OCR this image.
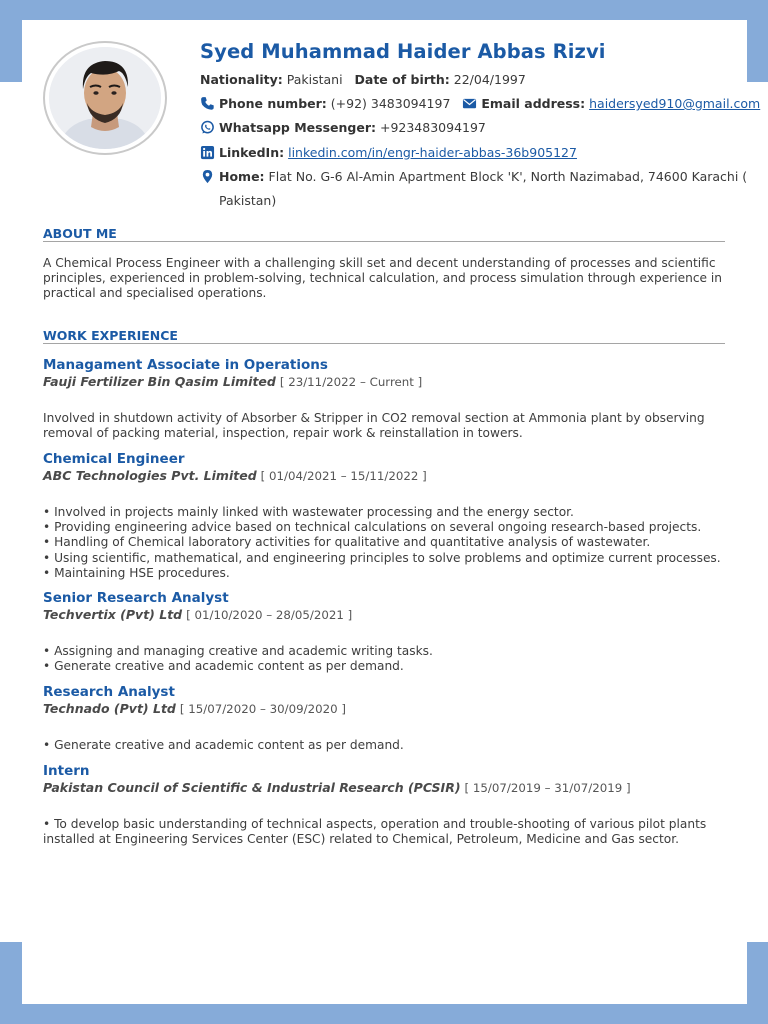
Syed Muhammad Haider Abbas Rizvi
Nationality: Pakistani Date of birth: 22/04/1997
Phone number: (+92) 3483094197 Email address: haidersyed910@gmail.com
Whatsapp Messenger: +923483094197
LinkedIn: linkedin.com/in/engr-haider-abbas-36b905127
Home: Flat No. G-6 Al-Amin Apartment Block 'K', North Nazimabad, 74600 Karachi (
Pakistan)
ABOUT ME

A Chemical Process Engineer with a challenging skill set and decent understanding of processes and scientific principles, experienced in problem-solving, technical calculation, and process simulation through experience in practical and specialised operations.

WORK EXPERIENCE
Managament Associate in Operations
Fauji Fertilizer Bin Qasim Limited [ 23/11/2022 – Current ]
Involved in shutdown activity of Absorber & Stripper in CO2 removal section at Ammonia plant by observing
removal of packing material, inspection, repair work & reinstallation in towers.
Chemical Engineer
ABC Technologies Pvt. Limited [ 01/04/2021 – 15/11/2022 ]
• Involved in projects mainly linked with wastewater processing and the energy sector.
• Providing engineering advice based on technical calculations on several ongoing research-based projects.
• Handling of Chemical laboratory activities for qualitative and quantitative analysis of wastewater.
• Using scientific, mathematical, and engineering principles to solve problems and optimize current processes.
• Maintaining HSE procedures.
Senior Research Analyst
Techvertix (Pvt) Ltd [ 01/10/2020 – 28/05/2021 ]
• Assigning and managing creative and academic writing tasks.
• Generate creative and academic content as per demand.
Research Analyst
Technado (Pvt) Ltd [ 15/07/2020 – 30/09/2020 ]
• Generate creative and academic content as per demand.
Intern
Pakistan Council of Scientific & Industrial Research (PCSIR) [ 15/07/2019 – 31/07/2019 ]
• To develop basic understanding of technical aspects, operation and trouble-shooting of various pilot plants
installed at Engineering Services Center (ESC) related to Chemical, Petroleum, Medicine and Gas sector.
